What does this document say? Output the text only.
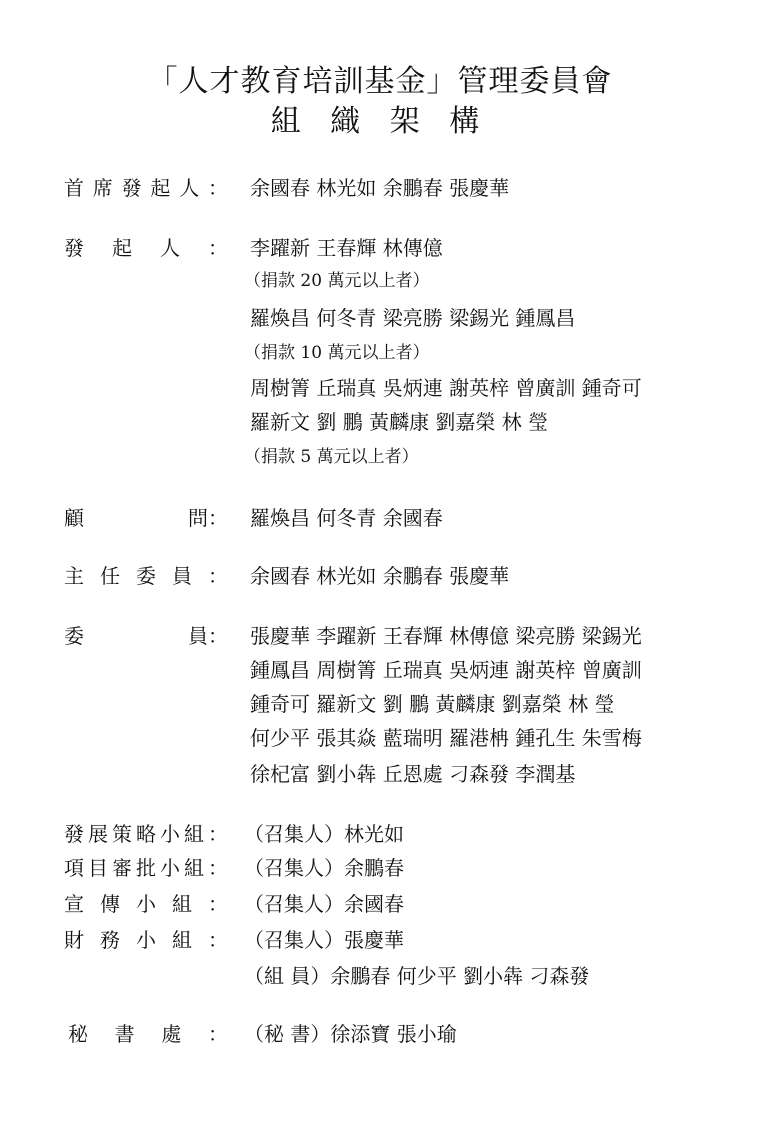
「人才教育培訓基金」管理委員會
組 織 架 構
首 席 發 起 人 ： 余國春 林光如 余鵬春 張慶華
發 起 人 ： 李躍新 王春輝 林傳億
（捐款 20 萬元以上者）
羅煥昌 何冬青 梁亮勝 梁錫光 鍾鳳昌
（捐款 10 萬元以上者）
周樹箐 丘瑞真 吳炳連 謝英梓 曾廣訓 鍾奇可
羅新文 劉 鵬 黃麟康 劉嘉榮 林 瑩
（捐款 5 萬元以上者）
顧	問 ： 羅煥昌 何冬青 余國春
主 任 委 員 ： 余國春 林光如 余鵬春 張慶華
委	員 ： 張慶華 李躍新 王春輝 林傳億 梁亮勝 梁錫光
鍾鳳昌 周樹箐 丘瑞真 吳炳連 謝英梓 曾廣訓
鍾奇可 羅新文 劉 鵬 黃麟康 劉嘉榮 林 瑩
何少平 張其焱 藍瑞明 羅港柟 鍾孔生 朱雪梅
徐杞富 劉小犇 丘恩處 刁森發 李潤基
發 展 策 略 小 組 ： （召集人）林光如
項 目 審 批 小 組 ： （召集人）余鵬春
宣 傳 小 組 ： （召集人）余國春
財 務 小 組 ： （召集人）張慶華
（組 員）余鵬春 何少平 劉小犇 刁森發
秘 書 處 ： （秘 書）徐添寶 張小瑜
